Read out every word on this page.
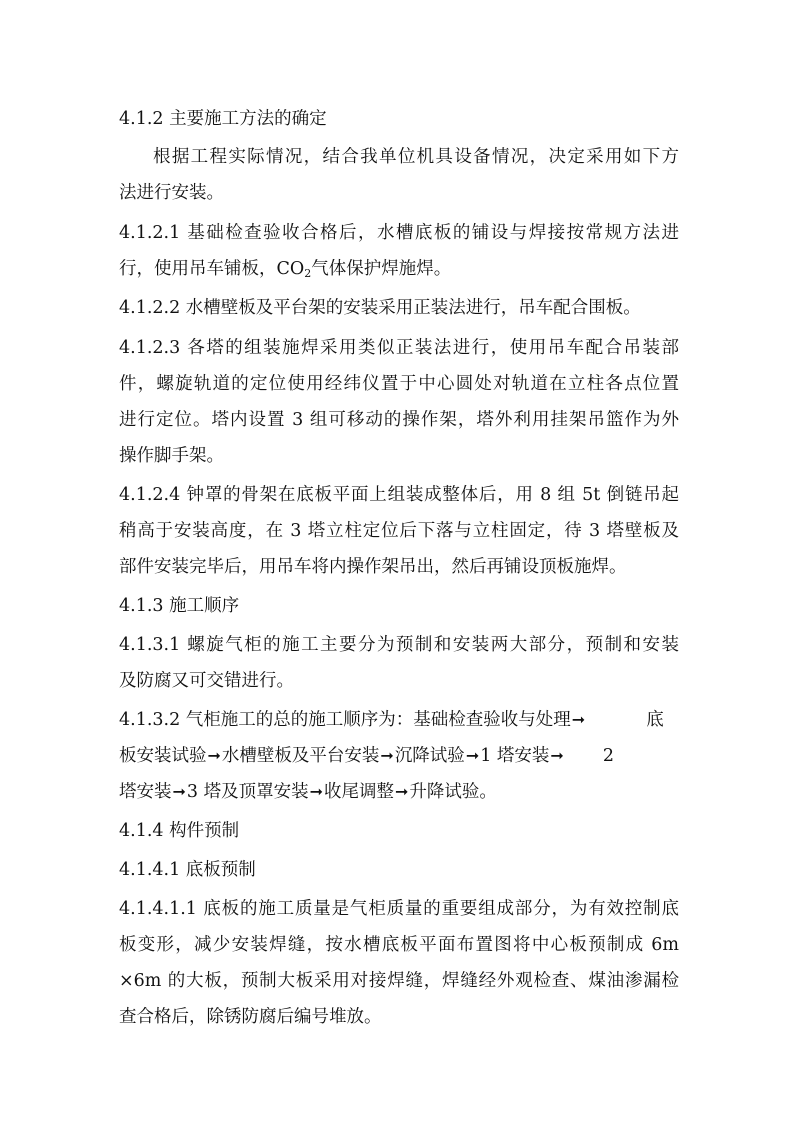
4.1.2 主要施工方法的确定

根据工程实际情况，结合我单位机具设备情况，决定采用如下方

法进行安装。

4.1.2.1 基础检查验收合格后，水槽底板的铺设与焊接按常规方法进

行，使用吊车铺板，$CO_2$气体保护焊施焊。

4.1.2.2 水槽壁板及平台架的安装采用正装法进行，吊车配合围板。

4.1.2.3 各塔的组装施焊采用类似正装法进行，使用吊车配合吊装部

件，螺旋轨道的定位使用经纬仪置于中心圆处对轨道在立柱各点位置

进行定位。塔内设置 3 组可移动的操作架，塔外利用挂架吊篮作为外

操作脚手架。

4.1.2.4 钟罩的骨架在底板平面上组装成整体后，用 8 组 5t 倒链吊起

稍高于安装高度，在 3 塔立柱定位后下落与立柱固定，待 3 塔壁板及

部件安装完毕后，用吊车将内操作架吊出，然后再铺设顶板施焊。

4.1.3 施工顺序

4.1.3.1 螺旋气柜的施工主要分为预制和安装两大部分，预制和安装

及防腐又可交错进行。

4.1.3.2 气柜施工的总的施工顺序为：基础检查验收与处理➞	底

板安装试验➞水槽壁板及平台安装➞沉降试验➞1 塔安装➞ 2

塔安装➞3 塔及顶罩安装➞收尾调整➞升降试验。

4.1.4 构件预制

4.1.4.1 底板预制

4.1.4.1.1 底板的施工质量是气柜质量的重要组成部分，为有效控制底

板变形，减少安装焊缝，按水槽底板平面布置图将中心板预制成 6m

×6m 的大板，预制大板采用对接焊缝，焊缝经外观检查、煤油渗漏检

查合格后，除锈防腐后编号堆放。
